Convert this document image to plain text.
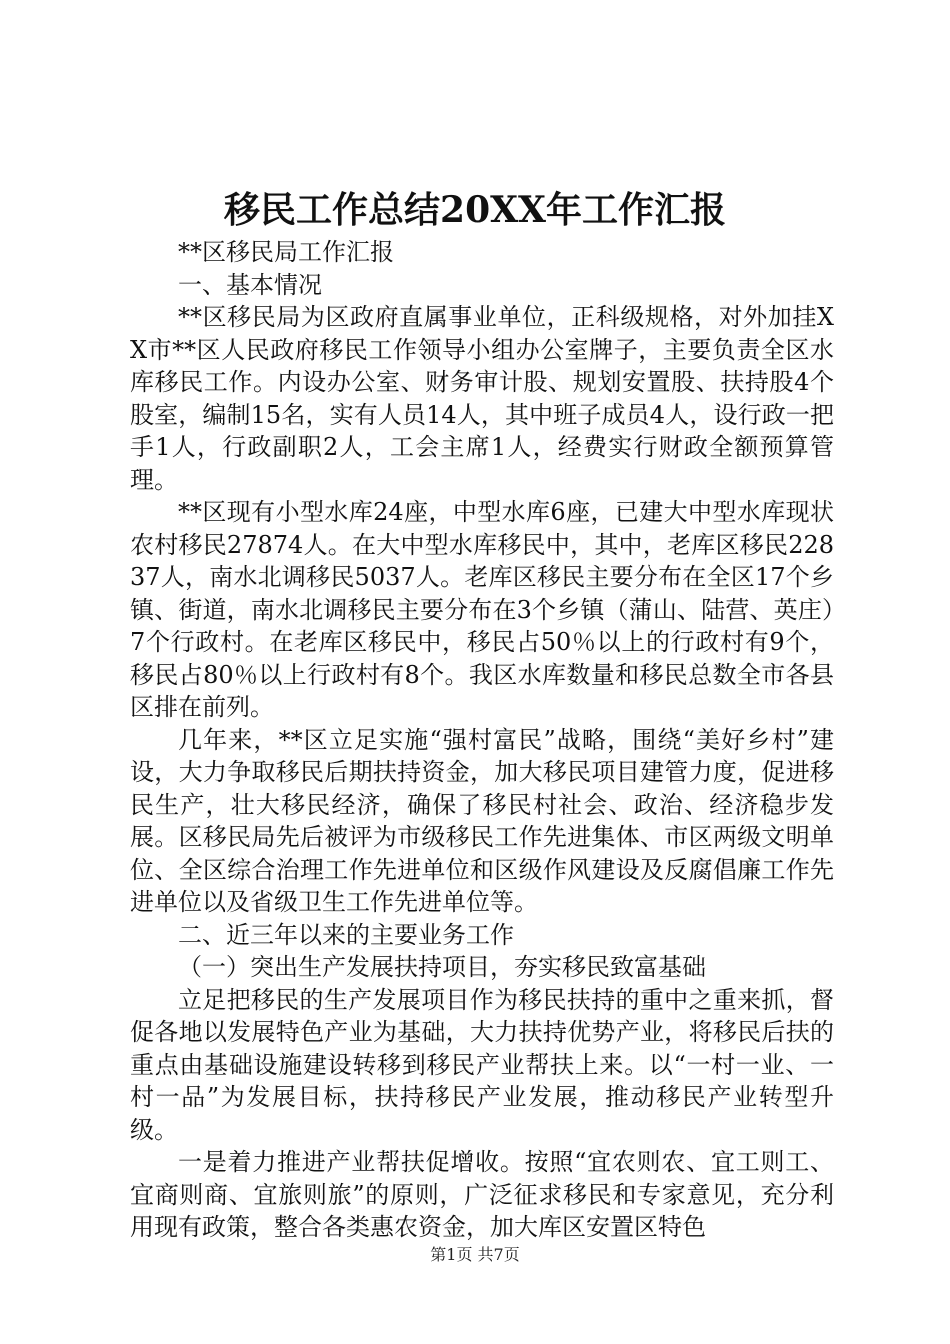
移民工作总结20XX年工作汇报

**区移民局工作汇报

一、基本情况

**区移民局为区政府直属事业单位，正科级规格，对外加挂XX市**区人民政府移民工作领导小组办公室牌子，主要负责全区水库移民工作。内设办公室、财务审计股、规划安置股、扶持股4个股室，编制15名，实有人员14人，其中班子成员4人，设行政一把手1人，行政副职2人，工会主席1人，经费实行财政全额预算管理。

**区现有小型水库24座，中型水库6座，已建大中型水库现状农村移民27874人。在大中型水库移民中，其中，老库区移民22837人，南水北调移民5037人。老库区移民主要分布在全区17个乡镇、街道，南水北调移民主要分布在3个乡镇（蒲山、陆营、英庄）7个行政村。在老库区移民中，移民占50％以上的行政村有9个，移民占80％以上行政村有8个。我区水库数量和移民总数全市各县区排在前列。

几年来，**区立足实施“强村富民”战略，围绕“美好乡村”建设，大力争取移民后期扶持资金，加大移民项目建管力度，促进移民生产，壮大移民经济，确保了移民村社会、政治、经济稳步发展。区移民局先后被评为市级移民工作先进集体、市区两级文明单位、全区综合治理工作先进单位和区级作风建设及反腐倡廉工作先进单位以及省级卫生工作先进单位等。

二、近三年以来的主要业务工作

（一）突出生产发展扶持项目，夯实移民致富基础

立足把移民的生产发展项目作为移民扶持的重中之重来抓，督促各地以发展特色产业为基础，大力扶持优势产业，将移民后扶的重点由基础设施建设转移到移民产业帮扶上来。以“一村一业、一村一品”为发展目标，扶持移民产业发展，推动移民产业转型升级。

一是着力推进产业帮扶促增收。按照“宜农则农、宜工则工、宜商则商、宜旅则旅”的原则，广泛征求移民和专家意见，充分利用现有政策，整合各类惠农资金，加大库区安置区特色

第1页 共7页
